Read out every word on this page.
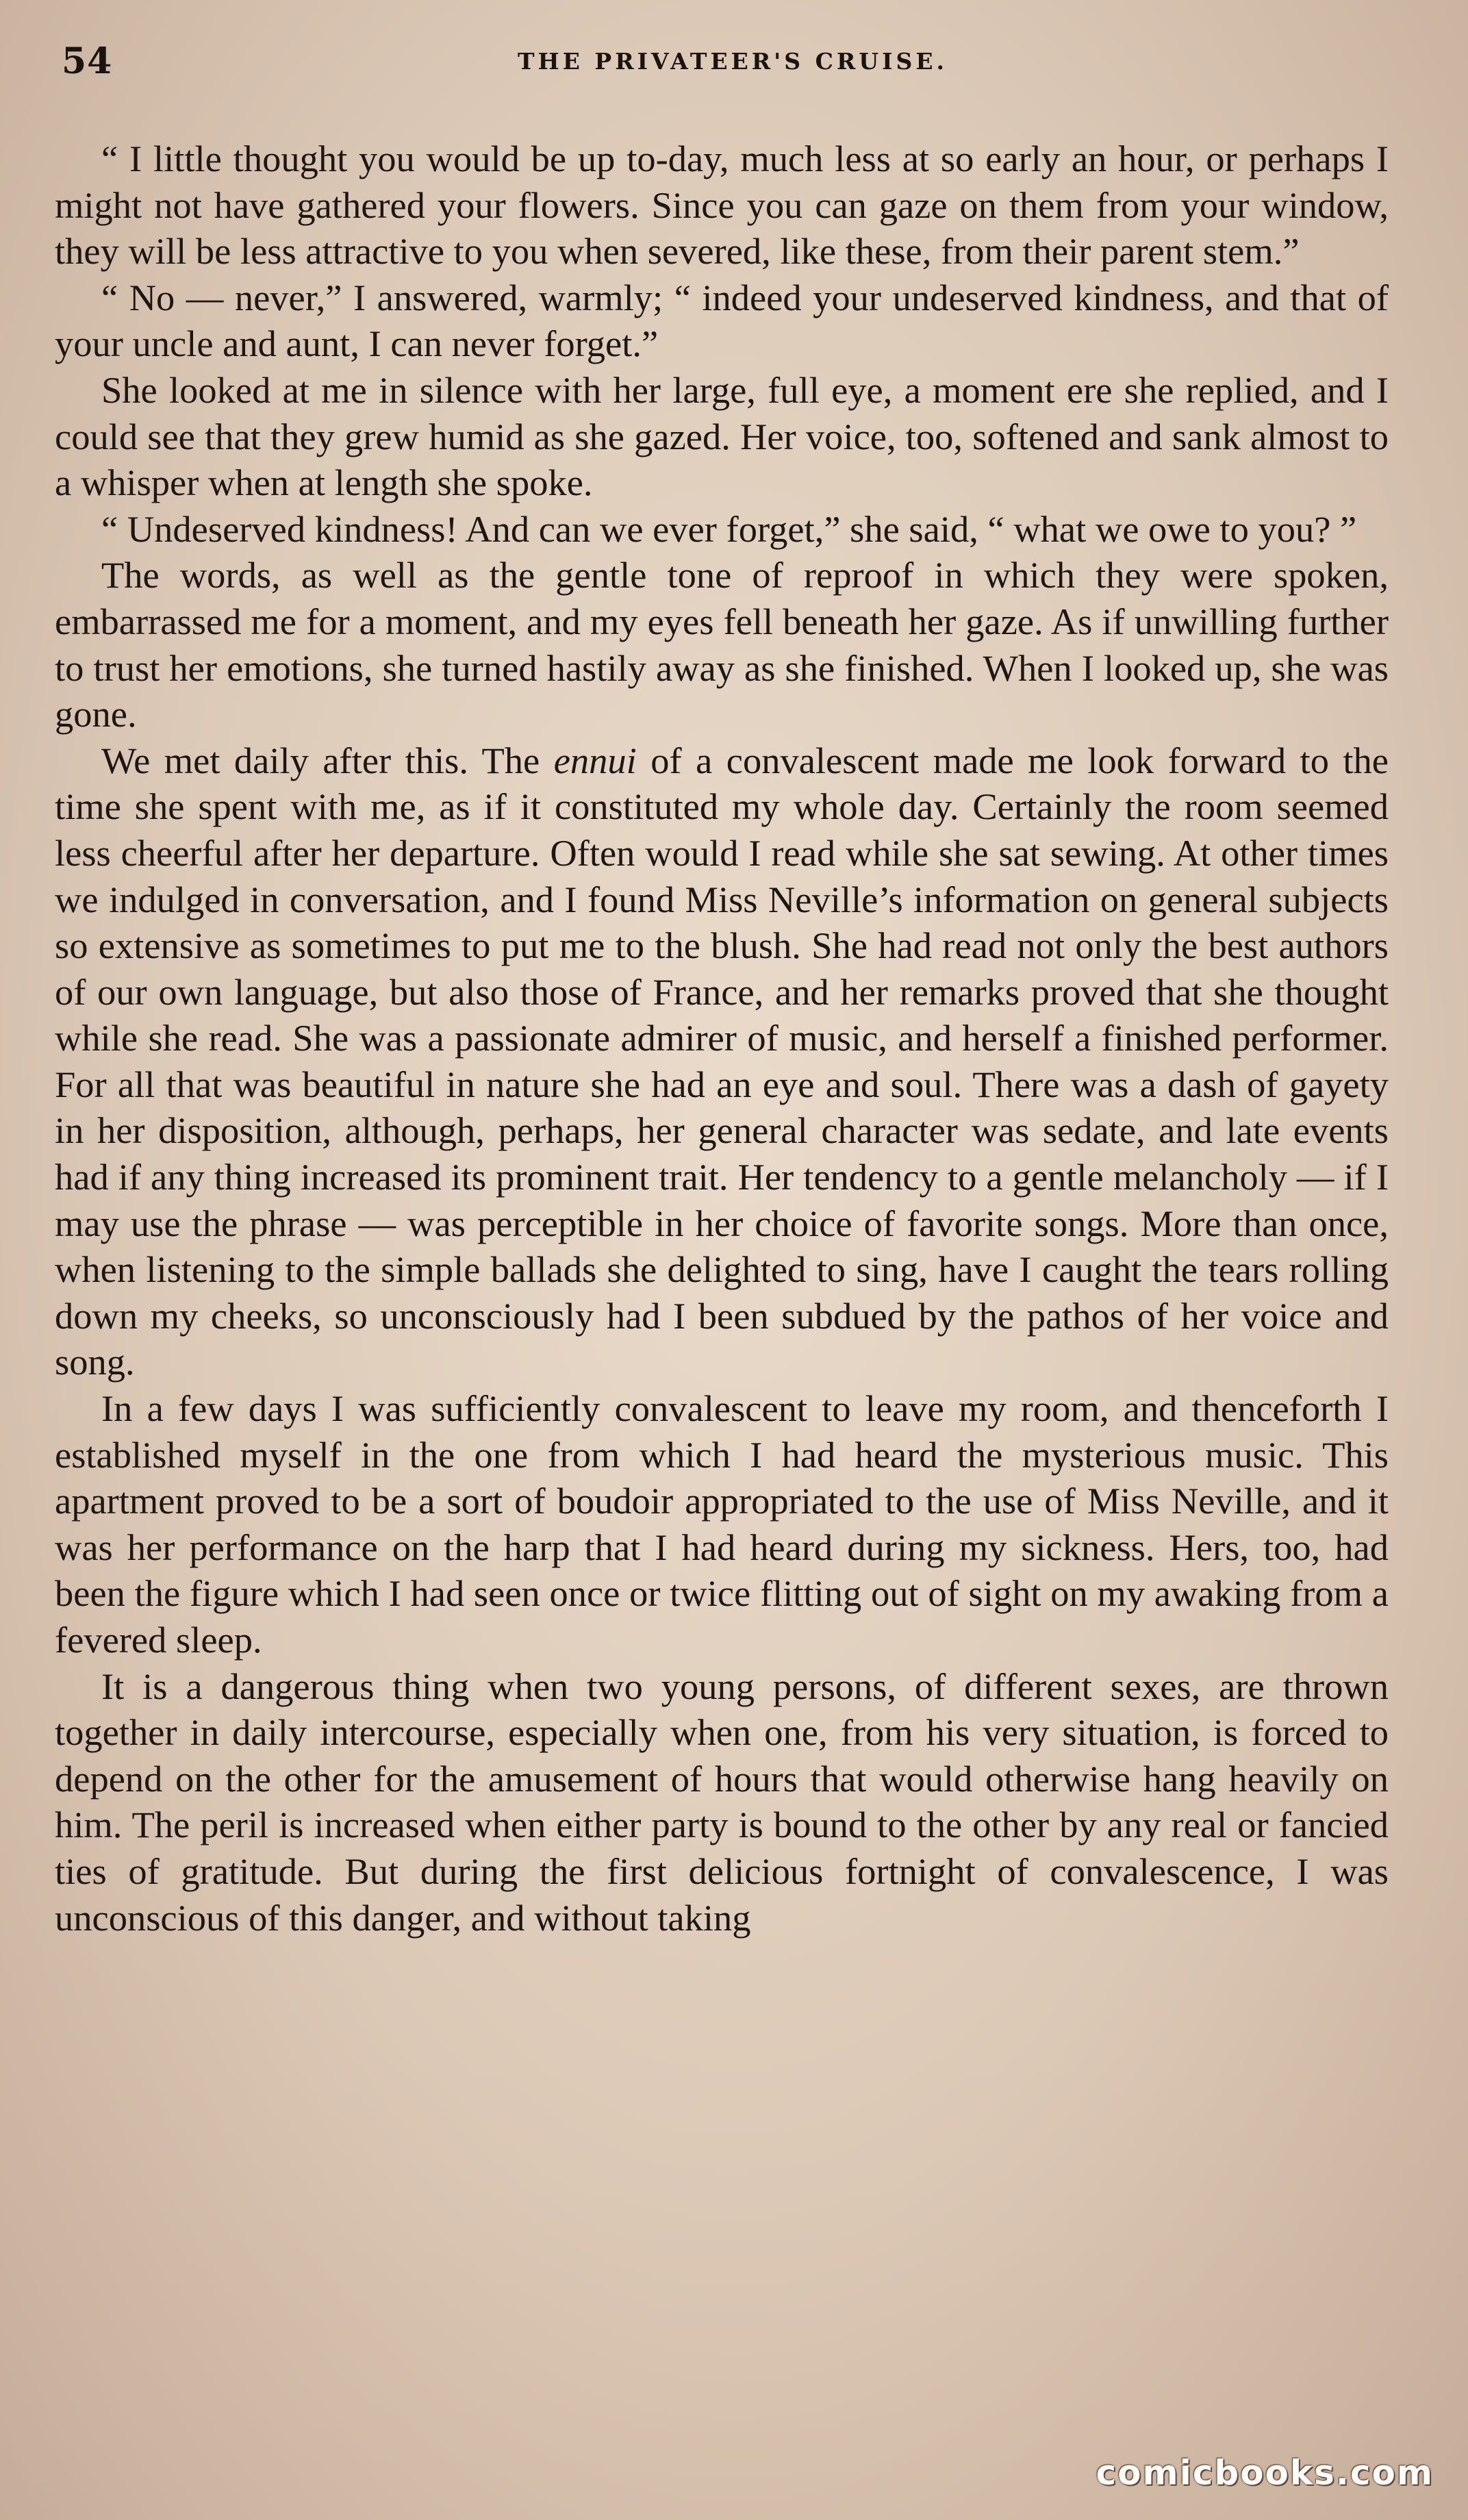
54	THE PRIVATEER'S CRUISE.

“ I little thought you would be up to-day, much less at so early an hour, or perhaps I might not have gathered your flowers. Since you can gaze on them from your window, they will be less attractive to you when severed, like these, from their parent stem.”

“ No — never,” I answered, warmly; “ indeed your undeserved kindness, and that of your uncle and aunt, I can never forget.”

She looked at me in silence with her large, full eye, a moment ere she replied, and I could see that they grew humid as she gazed. Her voice, too, softened and sank almost to a whisper when at length she spoke.

“ Undeserved kindness! And can we ever forget,” she said, “ what we owe to you? ”

The words, as well as the gentle tone of reproof in which they were spoken, embarrassed me for a moment, and my eyes fell beneath her gaze. As if unwilling further to trust her emotions, she turned hastily away as she finished. When I looked up, she was gone.

We met daily after this. The ennui of a convalescent made me look forward to the time she spent with me, as if it constituted my whole day. Certainly the room seemed less cheerful after her departure. Often would I read while she sat sewing. At other times we indulged in conversation, and I found Miss Neville’s information on general subjects so extensive as sometimes to put me to the blush. She had read not only the best authors of our own language, but also those of France, and her remarks proved that she thought while she read. She was a passionate admirer of music, and herself a finished performer. For all that was beautiful in nature she had an eye and soul. There was a dash of gayety in her disposition, although, perhaps, her general character was sedate, and late events had if any thing increased its prominent trait. Her tendency to a gentle melancholy — if I may use the phrase — was perceptible in her choice of favorite songs. More than once, when listening to the simple ballads she delighted to sing, have I caught the tears rolling down my cheeks, so unconsciously had I been subdued by the pathos of her voice and song.

In a few days I was sufficiently convalescent to leave my room, and thenceforth I established myself in the one from which I had heard the mysterious music. This apartment proved to be a sort of boudoir appropriated to the use of Miss Neville, and it was her performance on the harp that I had heard during my sickness. Hers, too, had been the figure which I had seen once or twice flitting out of sight on my awaking from a fevered sleep.

It is a dangerous thing when two young persons, of different sexes, are thrown together in daily intercourse, especially when one, from his very situation, is forced to depend on the other for the amusement of hours that would otherwise hang heavily on him. The peril is increased when either party is bound to the other by any real or fancied ties of gratitude. But during the first delicious fortnight of convalescence, I was unconscious of this danger, and without taking

comicbooks.com
